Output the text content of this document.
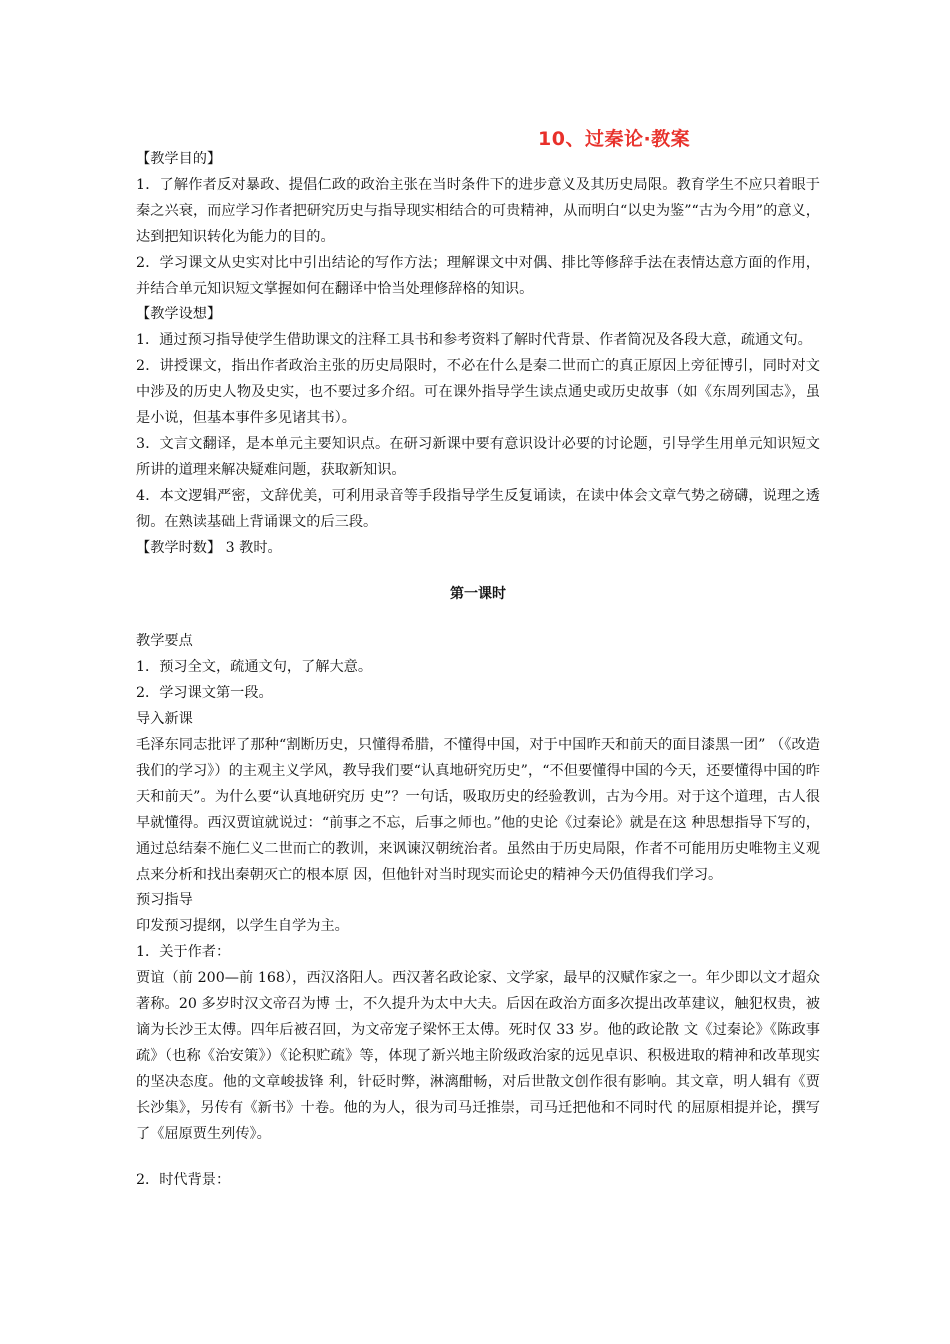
10、过秦论·教案

【教学目的】

1．了解作者反对暴政、提倡仁政的政治主张在当时条件下的进步意义及其历史局限。教育学生不应只着眼于秦之兴衰，而应学习作者把研究历史与指导现实相结合的可贵精神，从而明白“以史为鉴”“古为今用”的意义，达到把知识转化为能力的目的。

2．学习课文从史实对比中引出结论的写作方法；理解课文中对偶、排比等修辞手法在表情达意方面的作用，并结合单元知识短文掌握如何在翻译中恰当处理修辞格的知识。

【教学设想】

1．通过预习指导使学生借助课文的注释工具书和参考资料了解时代背景、作者简况及各段大意，疏通文句。

2．讲授课文，指出作者政治主张的历史局限时，不必在什么是秦二世而亡的真正原因上旁征博引，同时对文中涉及的历史人物及史实，也不要过多介绍。可在课外指导学生读点通史或历史故事（如《东周列国志》，虽是小说，但基本事件多见诸其书）。

3．文言文翻译，是本单元主要知识点。在研习新课中要有意识设计必要的讨论题，引导学生用单元知识短文所讲的道理来解决疑难问题，获取新知识。

4．本文逻辑严密，文辞优美，可利用录音等手段指导学生反复诵读，在读中体会文章气势之磅礴，说理之透彻。在熟读基础上背诵课文的后三段。

【教学时数】 3 教时。

第一课时

教学要点

1．预习全文，疏通文句，了解大意。

2．学习课文第一段。

导入新课

毛泽东同志批评了那种“割断历史，只懂得希腊，不懂得中国，对于中国昨天和前天的面目漆黑一团” （《改造我们的学习》）的主观主义学风，教导我们要“认真地研究历史”，“不但要懂得中国的今天，还要懂得中国的昨天和前天”。为什么要“认真地研究历 史”？一句话，吸取历史的经验教训，古为今用。对于这个道理，古人很早就懂得。西汉贾谊就说过：“前事之不忘，后事之师也。”他的史论《过秦论》就是在这 种思想指导下写的，通过总结秦不施仁义二世而亡的教训，来讽谏汉朝统治者。虽然由于历史局限，作者不可能用历史唯物主义观点来分析和找出秦朝灭亡的根本原 因，但他针对当时现实而论史的精神今天仍值得我们学习。

预习指导

印发预习提纲，以学生自学为主。

1．关于作者：

贾谊（前 200—前 168），西汉洛阳人。西汉著名政论家、文学家，最早的汉赋作家之一。年少即以文才超众著称。20 多岁时汉文帝召为博 士，不久提升为太中大夫。后因在政治方面多次提出改革建议，触犯权贵，被谪为长沙王太傅。四年后被召回，为文帝宠子梁怀王太傅。死时仅 33 岁。他的政论散 文《过秦论》《陈政事疏》（也称《治安策》）《论积贮疏》等，体现了新兴地主阶级政治家的远见卓识、积极进取的精神和改革现实的坚决态度。他的文章峻拔锋 利，针砭时弊，淋漓酣畅，对后世散文创作很有影响。其文章，明人辑有《贾长沙集》，另传有《新书》十卷。他的为人，很为司马迁推崇，司马迁把他和不同时代 的屈原相提并论，撰写了《屈原贾生列传》。

2．时代背景：
